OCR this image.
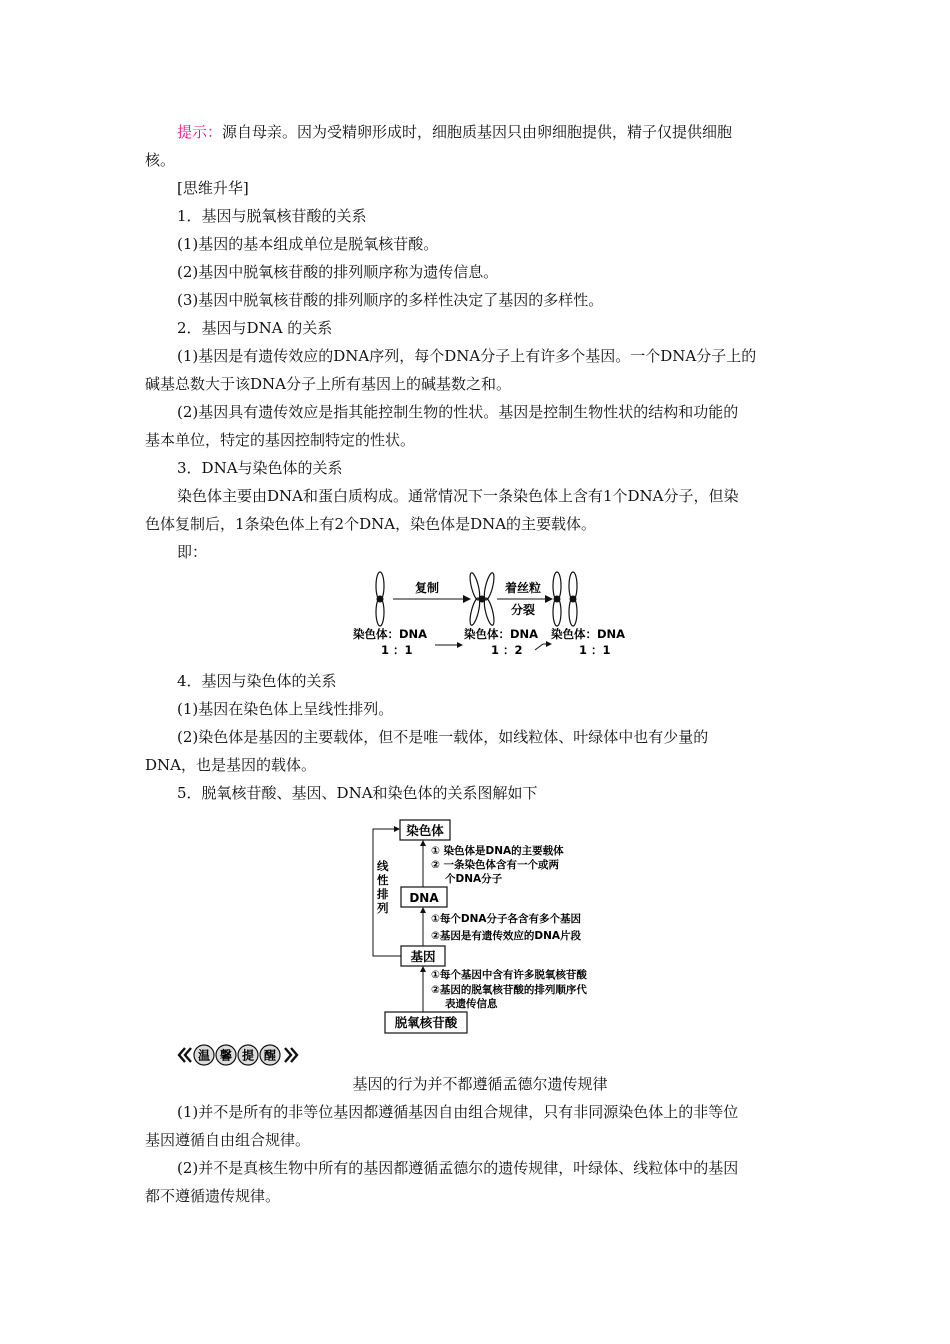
提示：源自母亲。因为受精卵形成时，细胞质基因只由卵细胞提供，精子仅提供细胞
核。
[思维升华]
1．基因与脱氧核苷酸的关系
(1)基因的基本组成单位是脱氧核苷酸。
(2)基因中脱氧核苷酸的排列顺序称为遗传信息。
(3)基因中脱氧核苷酸的排列顺序的多样性决定了基因的多样性。
2．基因与DNA 的关系
(1)基因是有遗传效应的DNA序列，每个DNA分子上有许多个基因。一个DNA分子上的
碱基总数大于该DNA分子上所有基因上的碱基数之和。
(2)基因具有遗传效应是指其能控制生物的性状。基因是控制生物性状的结构和功能的
基本单位，特定的基因控制特定的性状。
3．DNA与染色体的关系
染色体主要由DNA和蛋白质构成。通常情况下一条染色体上含有1个DNA分子，但染
色体复制后，1条染色体上有2个DNA，染色体是DNA的主要载体。
即：
复制	着丝粒
分裂
染色体：DNA
1 ：1
染色体：DNA
1 ：2
染色体：DNA
1 ：1
4．基因与染色体的关系
(1)基因在染色体上呈线性排列。
(2)染色体是基因的主要载体，但不是唯一载体，如线粒体、叶绿体中也有少量的
DNA，也是基因的载体。
5．脱氧核苷酸、基因、DNA和染色体的关系图解如下
染色体
DNA
基因
脱氧核苷酸
线
性
排
列
① 染色体是DNA的主要载体
② 一条染色体含有一个或两
个DNA分子
①每个DNA分子各含有多个基因
②基因是有遗传效应的DNA片段
①每个基因中含有许多脱氧核苷酸
②基因的脱氧核苷酸的排列顺序代
表遗传信息
温 馨 提 醒
基因的行为并不都遵循孟德尔遗传规律
(1)并不是所有的非等位基因都遵循基因自由组合规律，只有非同源染色体上的非等位
基因遵循自由组合规律。
(2)并不是真核生物中所有的基因都遵循孟德尔的遗传规律，叶绿体、线粒体中的基因
都不遵循遗传规律。
